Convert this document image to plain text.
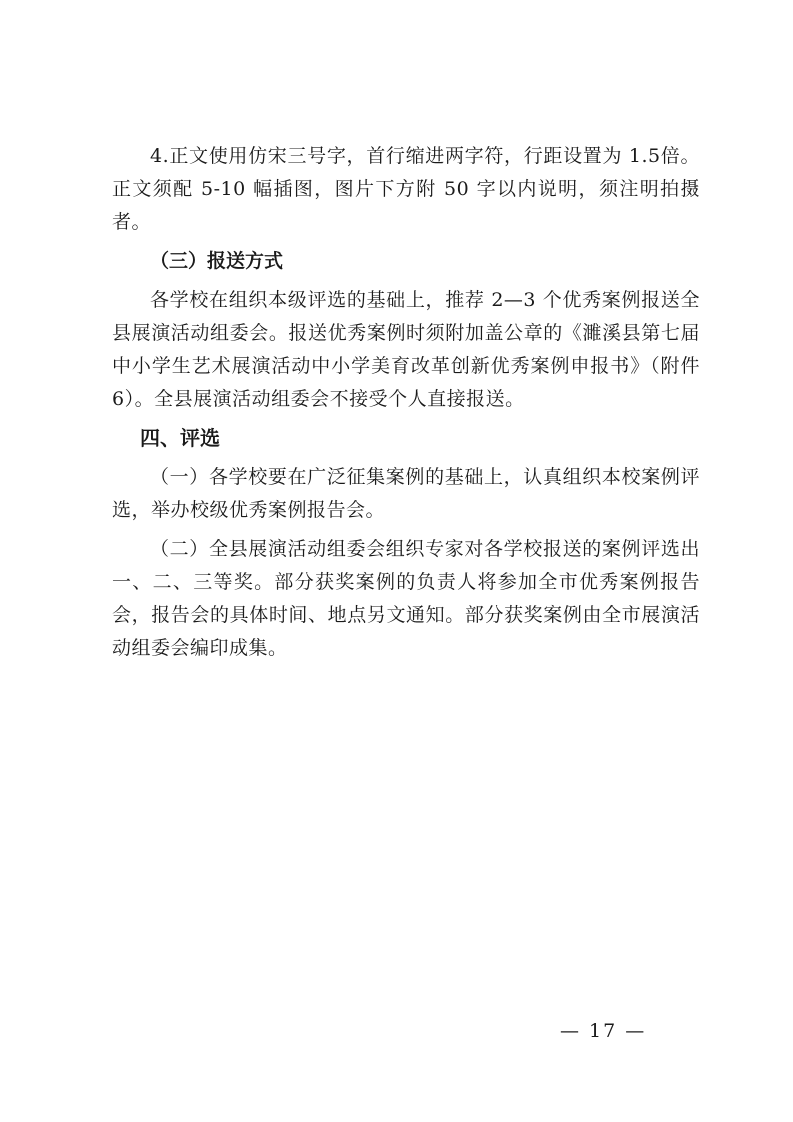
4.正文使用仿宋三号字，首行缩进两字符，行距设置为 1.5倍。正文须配 5-10 幅插图，图片下方附 50 字以内说明，须注明拍摄者。

（三）报送方式

各学校在组织本级评选的基础上，推荐 2—3 个优秀案例报送全县展演活动组委会。报送优秀案例时须附加盖公章的《濉溪县第七届中小学生艺术展演活动中小学美育改革创新优秀案例申报书》（附件 6）。全县展演活动组委会不接受个人直接报送。

四、评选

（一）各学校要在广泛征集案例的基础上，认真组织本校案例评选，举办校级优秀案例报告会。

（二）全县展演活动组委会组织专家对各学校报送的案例评选出一、二、三等奖。部分获奖案例的负责人将参加全市优秀案例报告会，报告会的具体时间、地点另文通知。部分获奖案例由全市展演活动组委会编印成集。

— 17 —
